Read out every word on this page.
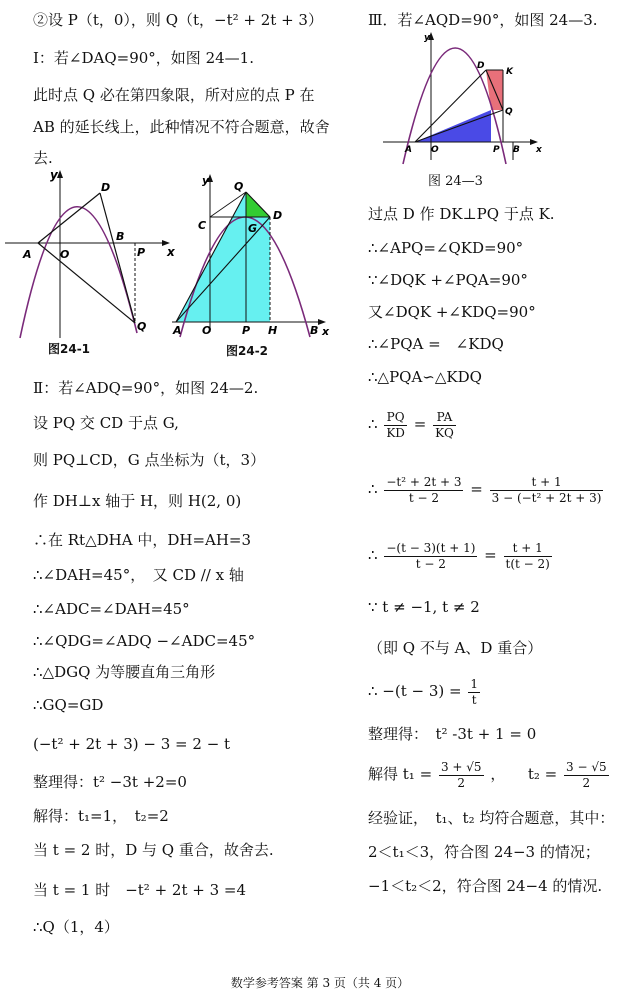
②设 P（t，0），则 Q（t，−t² + 2t + 3）
Ⅰ：若∠DAQ=90°，如图 24—1.
此时点 Q 必在第四象限，所对应的点 P 在
AB 的延长线上，此种情况不符合题意，故舍
去.
y
x
D
B
P
A	O
Q
图24-1
y
x
Q
D
C	G
A O	P H	B
图24-2
Ⅱ：若∠ADQ=90°，如图 24—2.
设 PQ 交 CD 于点 G,
则 PQ⊥CD，G 点坐标为（t，3）
作 DH⊥x 轴于 H，则 H(2, 0)
∴在 Rt△DHA 中，DH=AH=3
∴∠DAH=45°，　又 CD // x 轴
∴∠ADC=∠DAH=45°
∴∠QDG=∠ADQ −∠ADC=45°
∴△DGQ 为等腰直角三角形
∴GQ=GD
(−t² + 2t + 3) − 3 = 2 − t
整理得：t² −3t +2=0
解得：t₁=1，　t₂=2
当 t = 2 时，D 与 Q 重合，故舍去.
当 t = 1 时　−t² + 2t + 3 =4
∴Q（1，4）
Ⅲ．若∠AQD=90°，如图 24—3.
y
x
D
K
Q
A O	P B
图 24—3
过点 D 作 DK⊥PQ 于点 K.
∴∠APQ=∠QKD=90°
∵∠DQK +∠PQA=90°
又∠DQK +∠KDQ=90°
∴∠PQA =　∠KDQ
∴△PQA∽△KDQ
∴ $\frac{PQ}{KD} = \frac{PA}{KQ}$
∴ $\frac{\text{−t² + 2t + 3}}{t - 2} = \frac{t + 1}{\text{3 − (−t² + 2t + 3)}}$
∴ $\frac{-(t - 3)(t + 1)}{t - 2} = \frac{t + 1}{t(t - 2)}$
∵ t ≠ −1, t ≠ 2
（即 Q 不与 A、D 重合）
∴ $-(t - 3) = \frac{1}{t}$
整理得：　t² -3t + 1 = 0
解得 $t_1 = \frac{3 + √5}{2}$ ，　　$t_2 = \frac{3 - √5}{2}$
经验证，　t₁、t₂ 均符合题意，其中：
2＜t₁＜3，符合图 24−3 的情况；
−1＜t₂＜2，符合图 24−4 的情况.
数学参考答案 第 3 页（共 4 页）
